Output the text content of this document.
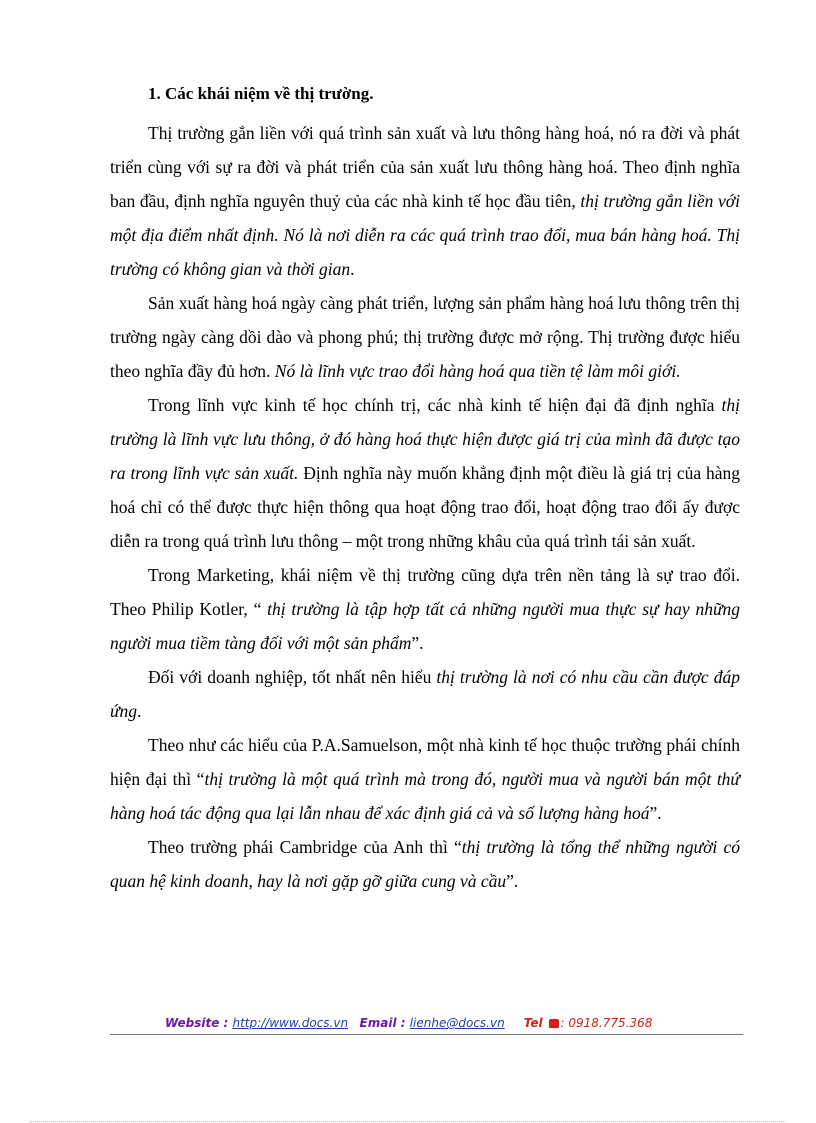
1. Các khái niệm về thị trường.

Thị trường gắn liền với quá trình sản xuất và lưu thông hàng hoá, nó ra đời và phát triển cùng với sự ra đời và phát triển của sản xuất lưu thông hàng hoá. Theo định nghĩa ban đầu, định nghĩa nguyên thuỷ của các nhà kinh tế học đầu tiên, thị trường gắn liền với một địa điểm nhất định. Nó là nơi diễn ra các quá trình trao đổi, mua bán hàng hoá. Thị trường có không gian và thời gian.

Sản xuất hàng hoá ngày càng phát triển, lượng sản phẩm hàng hoá lưu thông trên thị trường ngày càng dồi dào và phong phú; thị trường được mở rộng. Thị trường được hiểu theo nghĩa đầy đủ hơn. Nó là lĩnh vực trao đổi hàng hoá qua tiền tệ làm môi giới.

Trong lĩnh vực kinh tế học chính trị, các nhà kinh tế hiện đại đã định nghĩa thị trường là lĩnh vực lưu thông, ở đó hàng hoá thực hiện được giá trị của mình đã được tạo ra trong lĩnh vực sản xuất. Định nghĩa này muốn khẳng định một điều là giá trị của hàng hoá chỉ có thể được thực hiện thông qua hoạt động trao đổi, hoạt động trao đổi ấy được diễn ra trong quá trình lưu thông – một trong những khâu của quá trình tái sản xuất.

Trong Marketing, khái niệm về thị trường cũng dựa trên nền tảng là sự trao đổi. Theo Philip Kotler, “ thị trường là tập hợp tất cả những người mua thực sự hay những người mua tiềm tàng đối với một sản phẩm”.

Đối với doanh nghiệp, tốt nhất nên hiểu thị trường là nơi có nhu cầu cần được đáp ứng.

Theo như các hiểu của P.A.Samuelson, một nhà kinh tế học thuộc trường phái chính hiện đại thì “thị trường là một quá trình mà trong đó, người mua và người bán một thứ hàng hoá tác động qua lại lẫn nhau để xác định giá cả và số lượng hàng hoá”.

Theo trường phái Cambridge của Anh thì “thị trường là tổng thể những người có quan hệ kinh doanh, hay là nơi gặp gỡ giữa cung và cầu”.

Website : http://www.docs.vn Email : lienhe@docs.vn Tel : 0918.775.368
